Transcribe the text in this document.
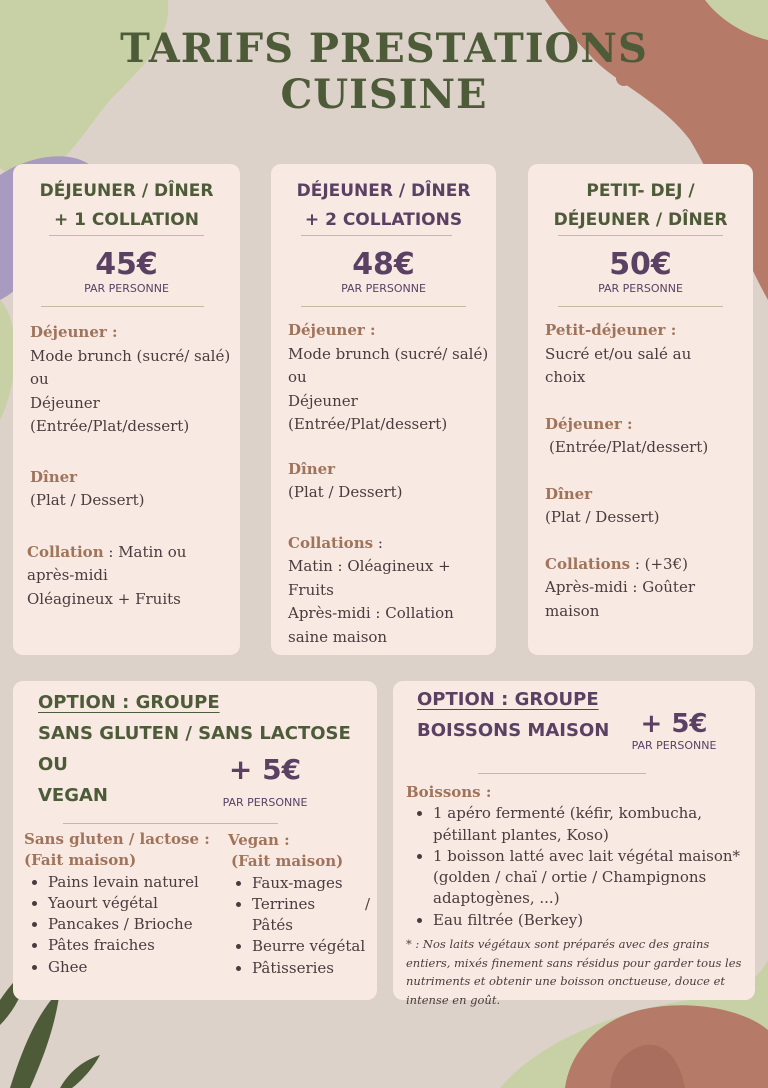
TARIFS PRESTATIONS
CUISINE
DÉJEUNER / DÎNER
+ 1 COLLATION
45€
PAR PERSONNE
Déjeuner :
Mode brunch (sucré/ salé)
ou
Déjeuner
(Entrée/Plat/dessert)
Dîner
(Plat / Dessert)
Collation : Matin ou
après-midi
Oléagineux + Fruits
DÉJEUNER / DÎNER
+ 2 COLLATIONS
48€
PAR PERSONNE
Déjeuner :
Mode brunch (sucré/ salé)
ou
Déjeuner
(Entrée/Plat/dessert)
Dîner
(Plat / Dessert)
Collations :
Matin : Oléagineux +
Fruits
Après-midi : Collation
saine maison
PETIT- DEJ /
DÉJEUNER / DÎNER
50€
PAR PERSONNE
Petit-déjeuner :
Sucré et/ou salé au
choix
Déjeuner :
(Entrée/Plat/dessert)
Dîner
(Plat / Dessert)
Collations : (+3€)
Après-midi : Goûter
maison
OPTION : GROUPE
SANS GLUTEN / SANS LACTOSE
OU
VEGAN
+ 5€
PAR PERSONNE
Sans gluten / lactose :
(Fait maison)
• Pains levain naturel
• Yaourt végétal
• Pancakes / Brioche
• Pâtes fraiches
• Ghee
Vegan :
(Fait maison)
• Faux-mages
• Terrines	/
Pâtés
• Beurre végétal
• Pâtisseries
OPTION : GROUPE
BOISSONS MAISON	+ 5€
PAR PERSONNE
Boissons :
• 1 apéro fermenté (kéfir, kombucha, pétillant plantes, Koso)
• 1 boisson latté avec lait végétal maison* (golden / chaï / ortie / Champignons adaptogènes, ...)
• Eau filtrée (Berkey)
* : Nos laits végétaux sont préparés avec des grains entiers, mixés finement sans résidus pour garder tous les nutriments et obtenir une boisson onctueuse, douce et intense en goût.
